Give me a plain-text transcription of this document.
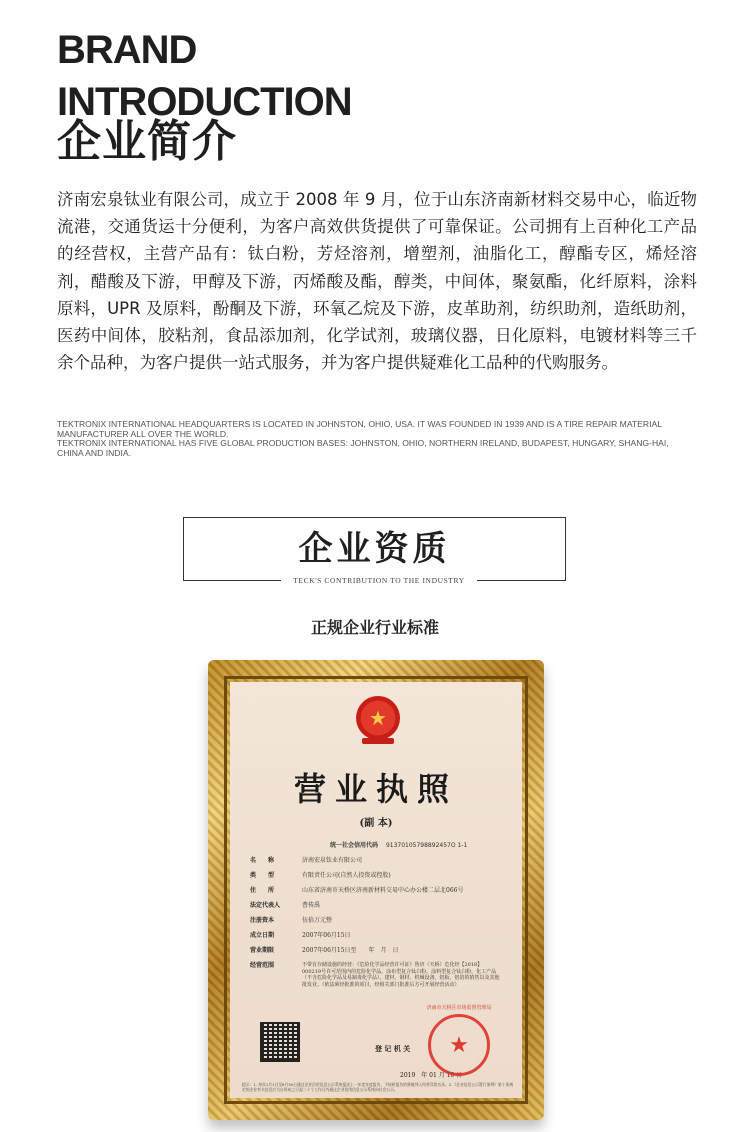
BRAND
INTRODUCTION
企业简介

济南宏泉钛业有限公司，成立于 2008 年 9 月，位于山东济南新材料交易中心，临近物流港，交通货运十分便利，为客户高效供货提供了可靠保证。公司拥有上百种化工产品的经营权，主营产品有：钛白粉，芳烃溶剂，增塑剂，油脂化工，醇酯专区，烯烃溶剂，醋酸及下游，甲醇及下游，丙烯酸及酯，醇类，中间体，聚氨酯，化纤原料，涂料原料，UPR 及原料，酚酮及下游，环氧乙烷及下游，皮革助剂，纺织助剂，造纸助剂，医药中间体，胶粘剂，食品添加剂，化学试剂，玻璃仪器，日化原料，电镀材料等三千余个品种，为客户提供一站式服务，并为客户提供疑难化工品种的代购服务。

TEKTRONIX INTERNATIONAL HEADQUARTERS IS LOCATED IN JOHNSTON, OHIO, USA. IT WAS FOUNDED IN 1939 AND IS A TIRE REPAIR MATERIAL MANUFACTURER ALL OVER THE WORLD.
TEKTRONIX INTERNATIONAL HAS FIVE GLOBAL PRODUCTION BASES: JOHNSTON, OHIO, NORTHERN IRELAND, BUDAPEST, HUNGARY, SHANG-HAI, CHINA AND INDIA.
企业资质
TECK'S CONTRIBUTION TO THE INDUSTRY
正规企业行业标准
★
营业执照
(副 本)
统一社会信用代码 91370105798892457O 1-1
名　　称	济南宏泉钛业有限公司
类　　型	有限责任公司(自然人投资或控股)
住　　所	山东省济南市天桥区济南新材料交易中心办公楼二层北066号
法定代表人	曹传禹
注册资本	伍拾万元整
成立日期	2007年06月15日
营业期限	2007年06月15日至　　年　月　日
经营范围	不带有存储设施的经营：《危险化学品经营许可证》鲁济（天桥）危化经【2018】000219号许可范围内的危险化学品。涂布型复合钛白粉、涂料型复合钛白粉、化工产品（不含危险化学品及易制毒化学品）、建材、钢材、机械设备、铝板、铝箔的销售以及其他批发业。（依法须经批准的项目，经相关部门批准后方可开展经营活动）
登 记 机 关
2019　年 01 月 10 日
★
济南市天桥区市场监督管理局
提示：1. 每年1月1日至6月30日通过企业信用信息公示系统报送上一年度年度报告。不按时报告的将被列入经营异常名录。2.《企业信息公示暂行条例》第十条规定的企业有关信息应当自形成之日起二十个工作日内通过企业信用信息公示系统向社会公示。
